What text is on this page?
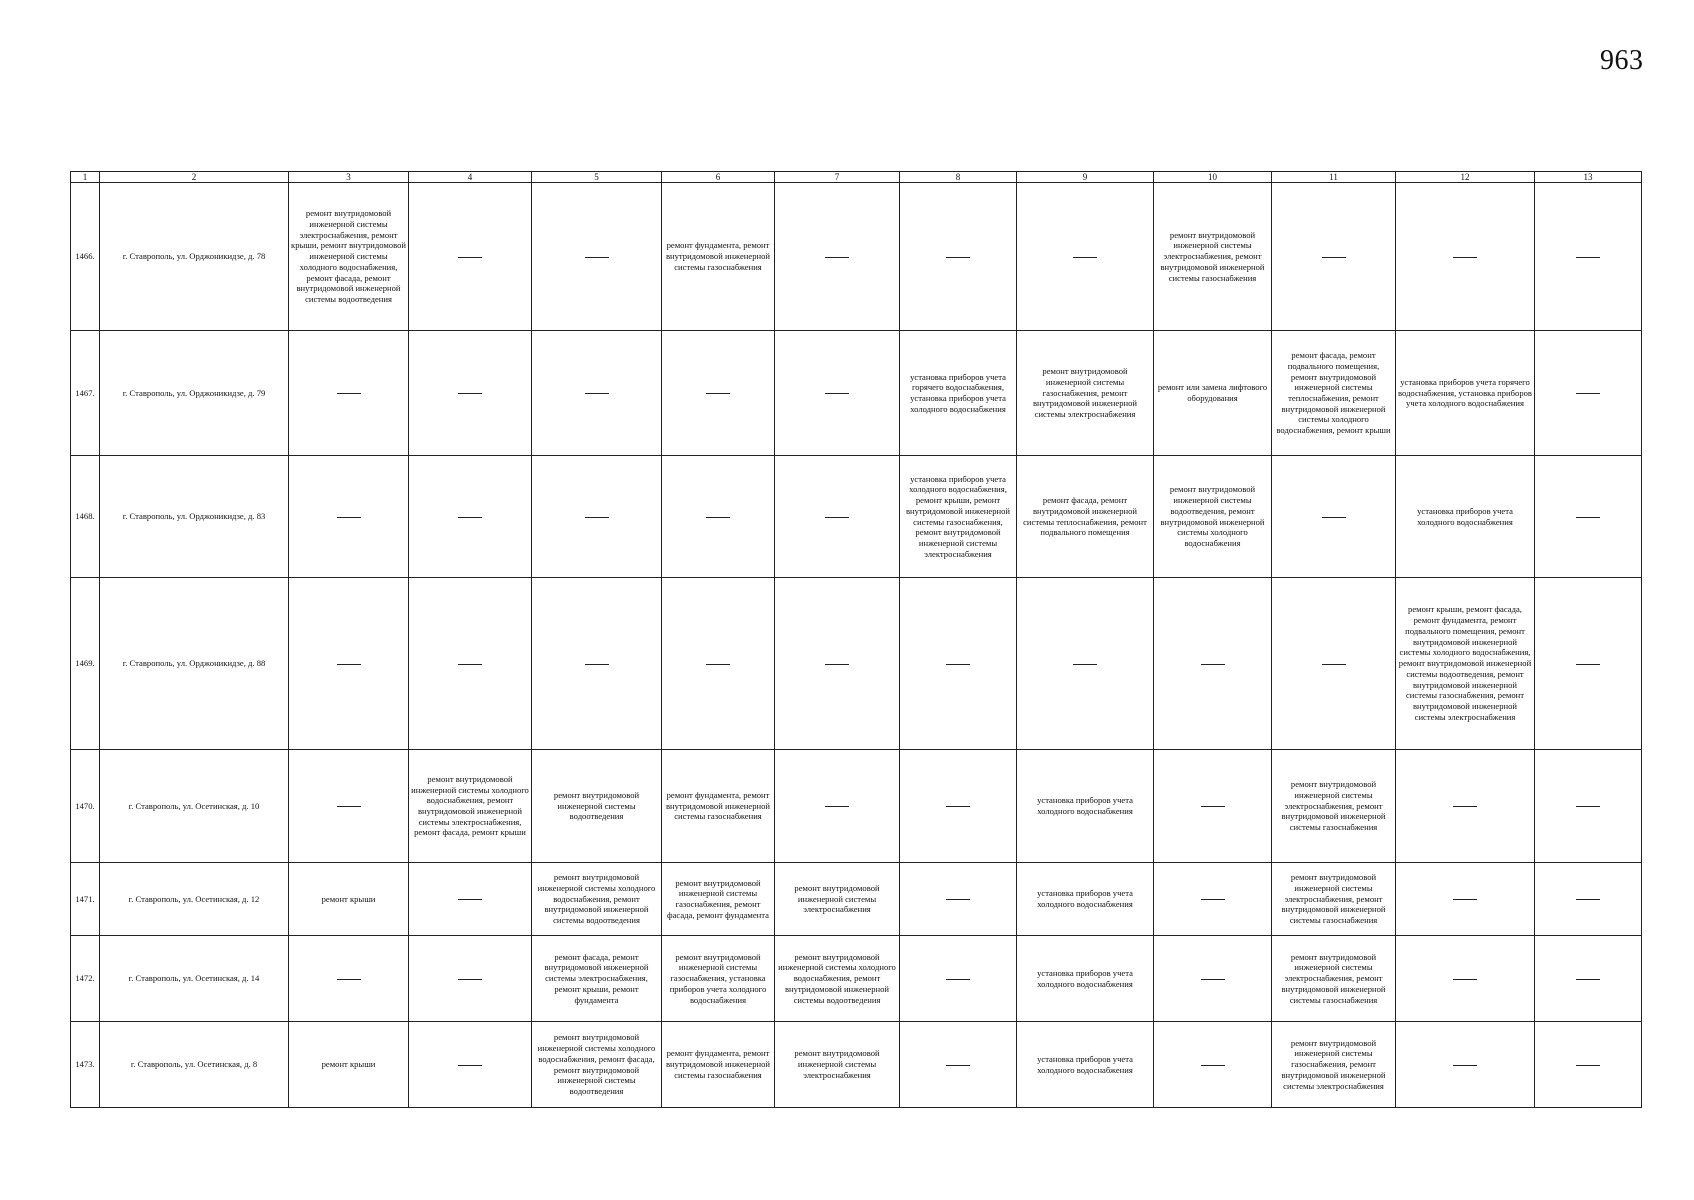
963
1	2	3	4	5	6	7	8	9	10	11	12	13
1466.	г. Ставрополь, ул. Орджоникидзе, д. 78	ремонт внутридомовой инженерной системы электроснабжения, ремонт крыши, ремонт внутридомовой инженерной системы холодного водоснабжения, ремонт фасада, ремонт внутридомовой инженерной системы водоотведения			ремонт фундамента, ремонт внутридомовой инженерной системы газоснабжения				ремонт внутридомовой инженерной системы электроснабжения, ремонт внутридомовой инженерной системы газоснабжения			
1467.	г. Ставрополь, ул. Орджоникидзе, д. 79						установка приборов учета горячего водоснабжения, установка приборов учета холодного водоснабжения	ремонт внутридомовой инженерной системы газоснабжения, ремонт внутридомовой инженерной системы электроснабжения	ремонт или замена лифтового оборудования	ремонт фасада, ремонт подвального помещения, ремонт внутридомовой инженерной системы теплоснабжения, ремонт внутридомовой инженерной системы холодного водоснабжения, ремонт крыши	установка приборов учета горячего водоснабжения, установка приборов учета холодного водоснабжения	
1468.	г. Ставрополь, ул. Орджоникидзе, д. 83						установка приборов учета холодного водоснабжения, ремонт крыши, ремонт внутридомовой инженерной системы газоснабжения, ремонт внутридомовой инженерной системы электроснабжения	ремонт фасада, ремонт внутридомовой инженерной системы теплоснабжения, ремонт подвального помещения	ремонт внутридомовой инженерной системы водоотведения, ремонт внутридомовой инженерной системы холодного водоснабжения		установка приборов учета холодного водоснабжения	
1469.	г. Ставрополь, ул. Орджоникидзе, д. 88										ремонт крыши, ремонт фасада, ремонт фундамента, ремонт подвального помещения, ремонт внутридомовой инженерной системы холодного водоснабжения, ремонт внутридомовой инженерной системы водоотведения, ремонт внутридомовой инженерной системы газоснабжения, ремонт внутридомовой инженерной системы электроснабжения	
1470.	г. Ставрополь, ул. Осетинская, д. 10		ремонт внутридомовой инженерной системы холодного водоснабжения, ремонт внутридомовой инженерной системы электроснабжения, ремонт фасада, ремонт крыши	ремонт внутридомовой инженерной системы водоотведения	ремонт фундамента, ремонт внутридомовой инженерной системы газоснабжения			установка приборов учета холодного водоснабжения		ремонт внутридомовой инженерной системы электроснабжения, ремонт внутридомовой инженерной системы газоснабжения		
1471.	г. Ставрополь, ул. Осетинская, д. 12	ремонт крыши		ремонт внутридомовой инженерной системы холодного водоснабжения, ремонт внутридомовой инженерной системы водоотведения	ремонт внутридомовой инженерной системы газоснабжения, ремонт фасада, ремонт фундамента	ремонт внутридомовой инженерной системы электроснабжения		установка приборов учета холодного водоснабжения		ремонт внутридомовой инженерной системы электроснабжения, ремонт внутридомовой инженерной системы газоснабжения		
1472.	г. Ставрополь, ул. Осетинская, д. 14			ремонт фасада, ремонт внутридомовой инженерной системы электроснабжения, ремонт крыши, ремонт фундамента	ремонт внутридомовой инженерной системы газоснабжения, установка приборов учета холодного водоснабжения	ремонт внутридомовой инженерной системы холодного водоснабжения, ремонт внутридомовой инженерной системы водоотведения		установка приборов учета холодного водоснабжения		ремонт внутридомовой инженерной системы электроснабжения, ремонт внутридомовой инженерной системы газоснабжения		
1473.	г. Ставрополь, ул. Осетинская, д. 8	ремонт крыши		ремонт внутридомовой инженерной системы холодного водоснабжения, ремонт фасада, ремонт внутридомовой инженерной системы водоотведения	ремонт фундамента, ремонт внутридомовой инженерной системы газоснабжения	ремонт внутридомовой инженерной системы электроснабжения		установка приборов учета холодного водоснабжения		ремонт внутридомовой инженерной системы газоснабжения, ремонт внутридомовой инженерной системы электроснабжения		
